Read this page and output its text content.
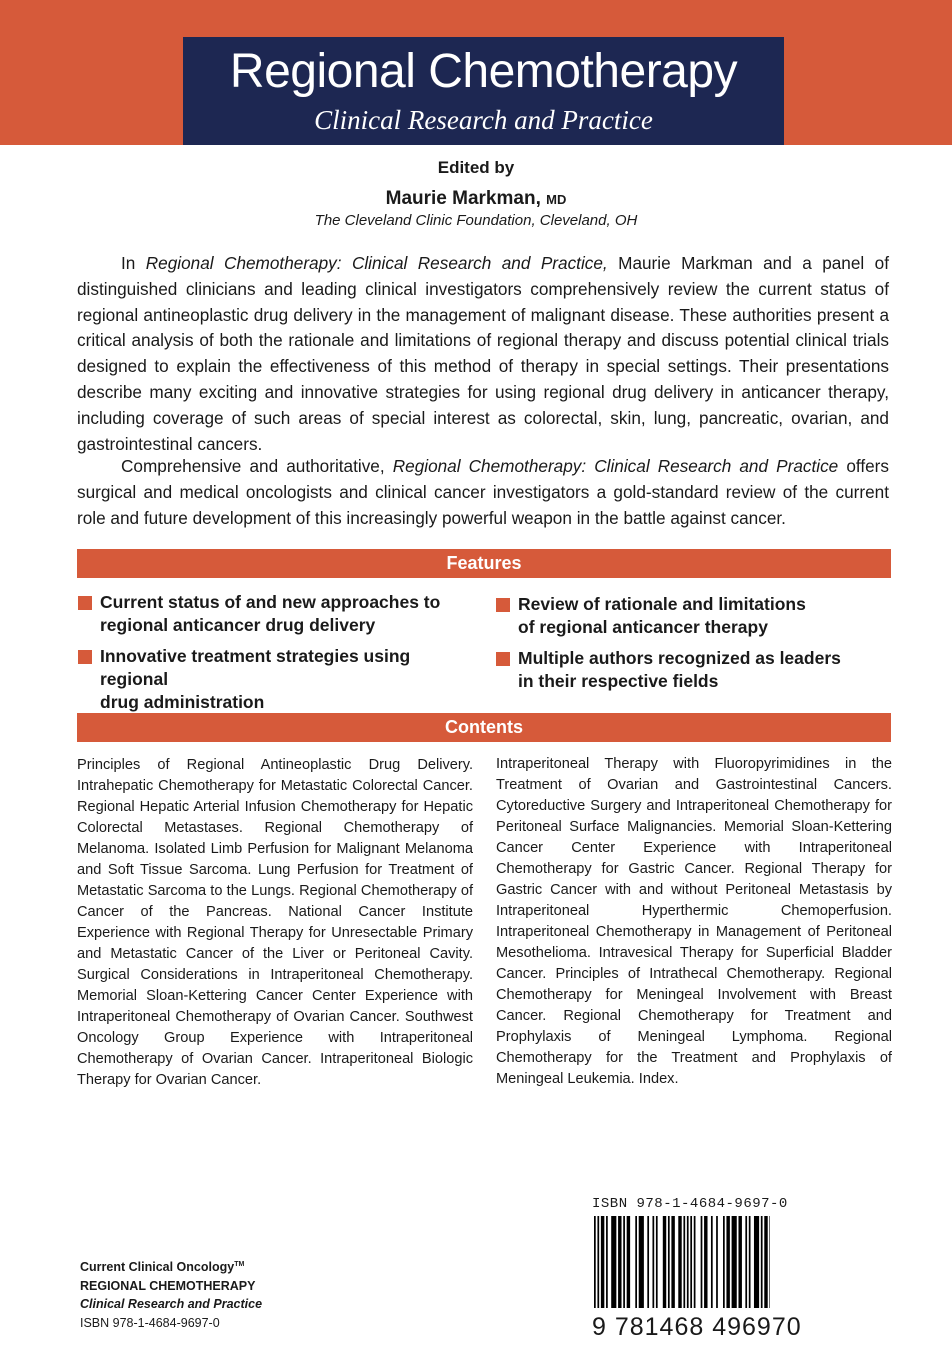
Regional Chemotherapy
Clinical Research and Practice
Edited by
Maurie Markman, MD
The Cleveland Clinic Foundation, Cleveland, OH

In Regional Chemotherapy: Clinical Research and Practice, Maurie Markman and a panel of distinguished clinicians and leading clinical investigators comprehensively review the current status of regional antineoplastic drug delivery in the management of malignant disease. These authorities present a critical analysis of both the rationale and limitations of regional therapy and discuss potential clinical trials designed to explain the effectiveness of this method of therapy in special settings. Their presentations describe many exciting and innovative strategies for using regional drug delivery in anticancer therapy, including coverage of such areas of special interest as colorectal, skin, lung, pancreatic, ovarian, and gastrointestinal cancers.

Comprehensive and authoritative, Regional Chemotherapy: Clinical Research and Practice offers surgical and medical oncologists and clinical cancer investigators a gold-standard review of the current role and future development of this increasingly powerful weapon in the battle against cancer.

Features
Current status of and new approaches to
regional anticancer drug delivery
Review of rationale and limitations
of regional anticancer therapy
Innovative treatment strategies using regional
drug administration
Multiple authors recognized as leaders
in their respective fields
Contents

Principles of Regional Antineoplastic Drug Delivery. Intrahepatic Chemotherapy for Metastatic Colorectal Cancer. Regional Hepatic Arterial Infusion Chemotherapy for Hepatic Colorectal Metastases. Regional Chemotherapy of Melanoma. Isolated Limb Perfusion for Malignant Melanoma and Soft Tissue Sarcoma. Lung Perfusion for Treatment of Metastatic Sarcoma to the Lungs. Regional Chemotherapy of Cancer of the Pancreas. National Cancer Institute Experience with Regional Therapy for Unresectable Primary and Metastatic Cancer of the Liver or Peritoneal Cavity. Surgical Considerations in Intraperitoneal Chemotherapy. Memorial Sloan-Kettering Cancer Center Experience with Intraperitoneal Chemotherapy of Ovarian Cancer. Southwest Oncology Group Experience with Intraperitoneal Chemotherapy of Ovarian Cancer. Intraperitoneal Biologic Therapy for Ovarian Cancer.

Intraperitoneal Therapy with Fluoropyrimidines in the Treatment of Ovarian and Gastrointestinal Cancers. Cytoreductive Surgery and Intraperitoneal Chemotherapy for Peritoneal Surface Malignancies. Memorial Sloan-Kettering Cancer Center Experience with Intraperitoneal Chemotherapy for Gastric Cancer. Regional Therapy for Gastric Cancer with and without Peritoneal Metastasis by Intraperitoneal Hyperthermic Chemoperfusion. Intraperitoneal Chemotherapy in Management of Peritoneal Mesothelioma. Intravesical Therapy for Superficial Bladder Cancer. Principles of Intrathecal Chemotherapy. Regional Chemotherapy for Meningeal Involvement with Breast Cancer. Regional Chemotherapy for Treatment and Prophylaxis of Meningeal Lymphoma. Regional Chemotherapy for the Treatment and Prophylaxis of Meningeal Leukemia. Index.

Current Clinical Oncology™
REGIONAL CHEMOTHERAPY
Clinical Research and Practice
ISBN 978-1-4684-9697-0
ISBN 978-1-4684-9697-0
9 781468 496970
